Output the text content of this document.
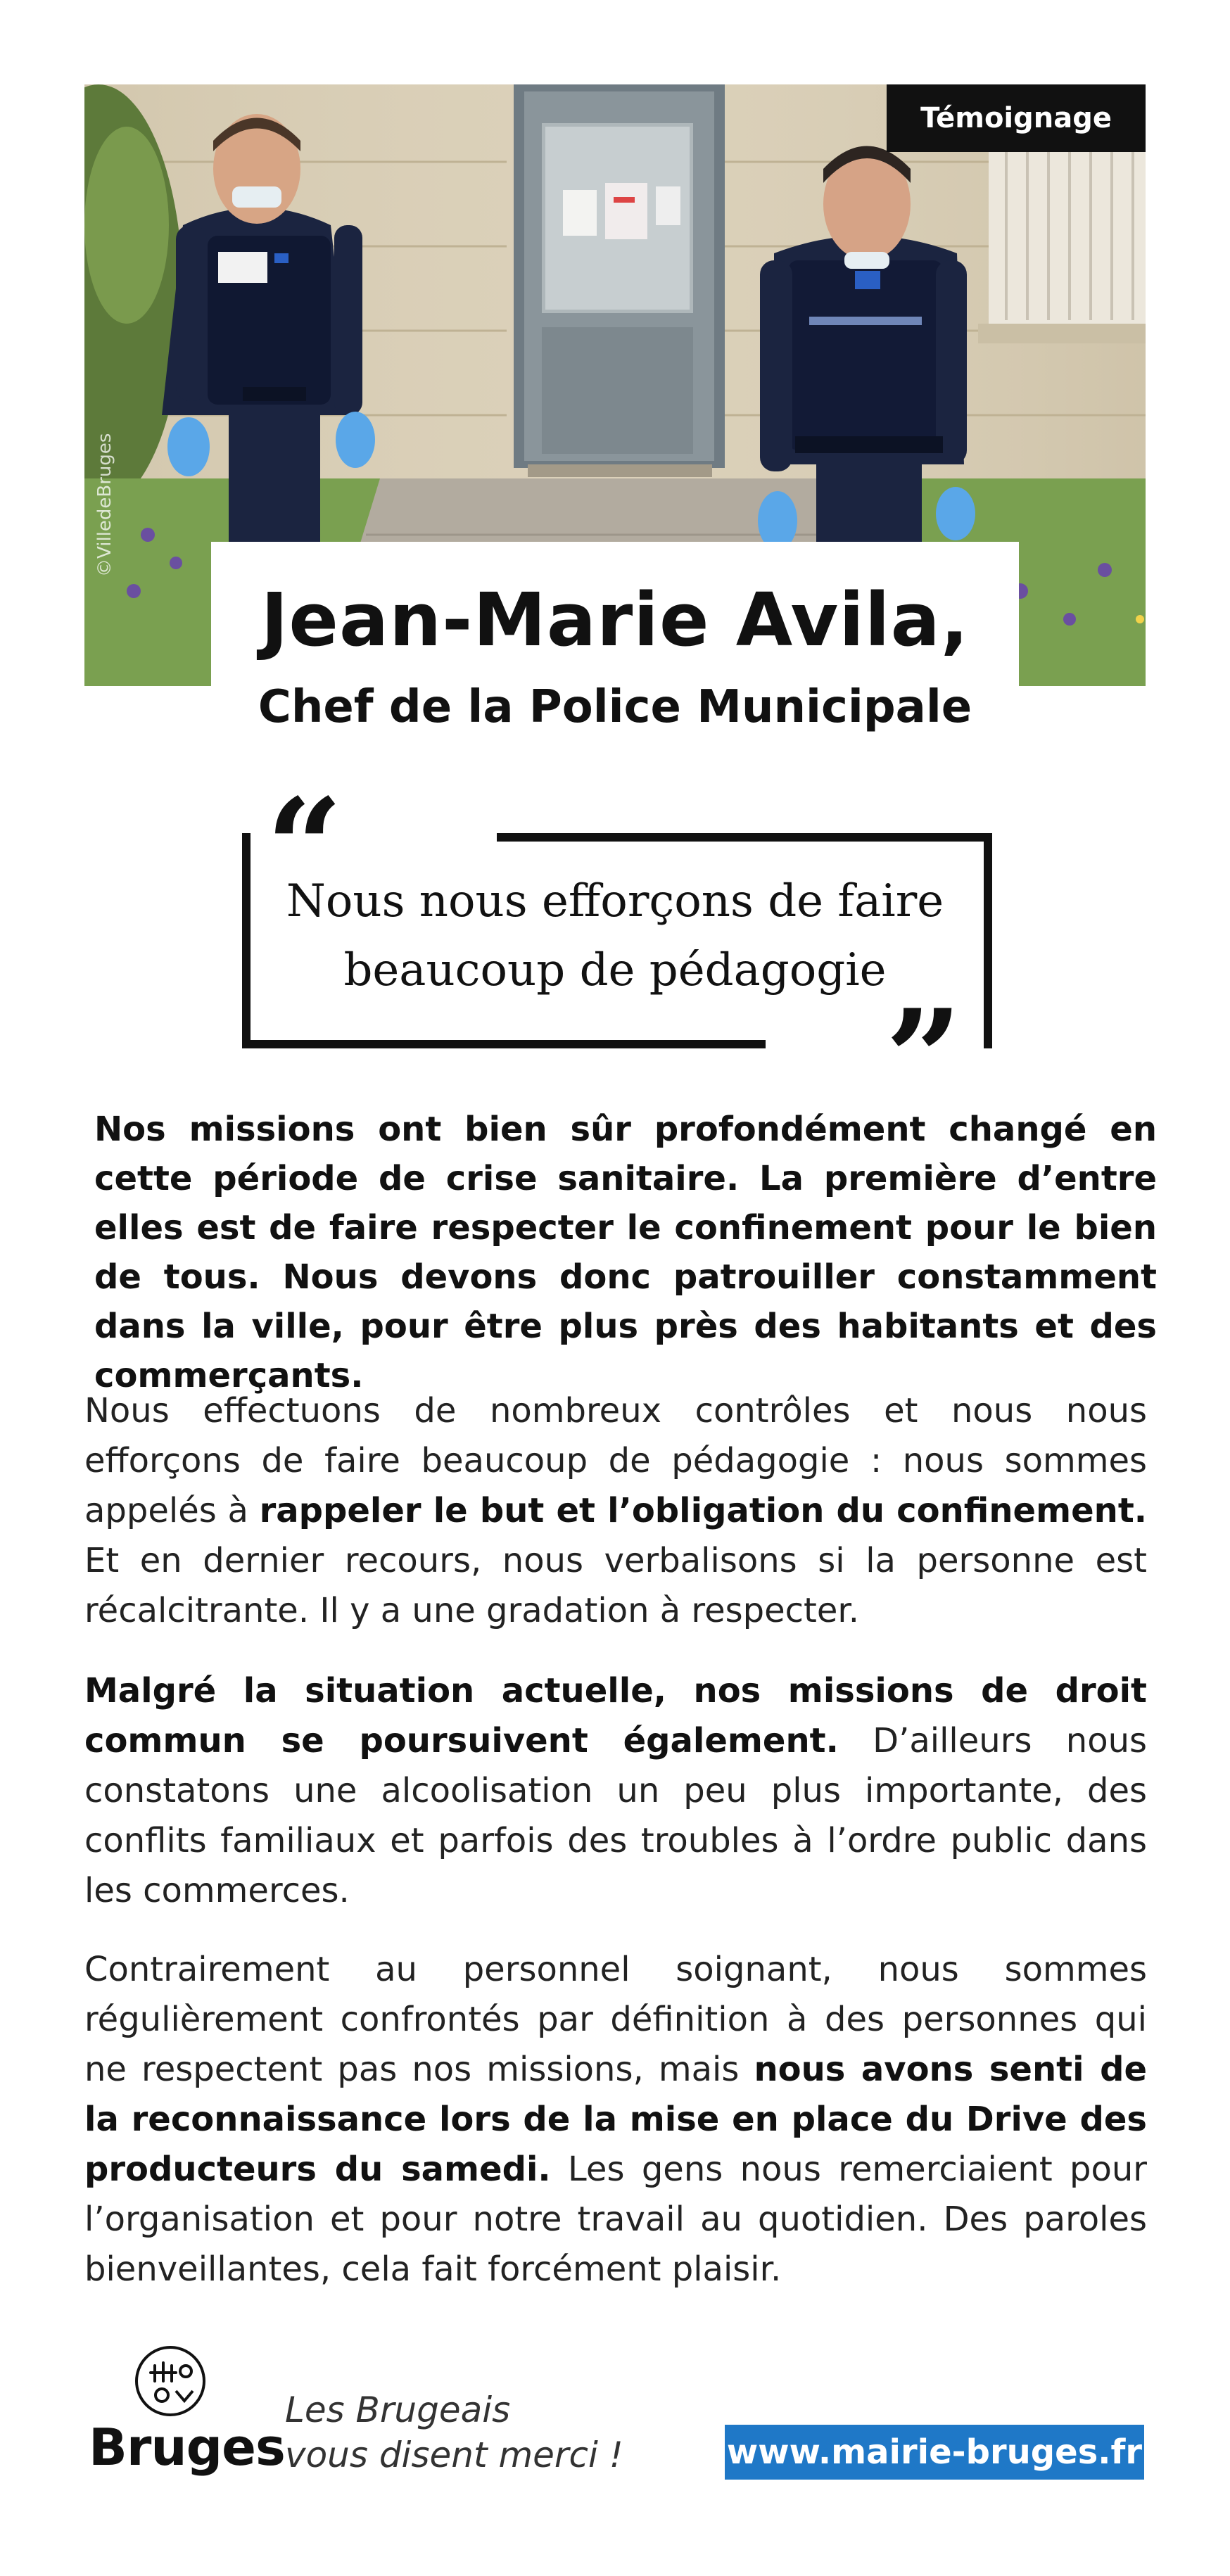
Témoignage
©VilledeBruges
Jean-Marie Avila,
Chef de la Police Municipale
“
”
Nous nous efforçons de faire
beaucoup de pédagogie

Nos missions ont bien sûr profondément changé en cette période de crise sanitaire. La première d’entre elles est de faire respecter le confinement pour le bien de tous. Nous devons donc patrouiller constamment dans la ville, pour être plus près des habitants et des commerçants.

Nous effectuons de nombreux contrôles et nous nous efforçons de faire beaucoup de pédagogie : nous sommes appelés à rappeler le but et l’obligation du confinement. Et en dernier recours, nous verbalisons si la personne est récalcitrante. Il y a une gradation à respecter.

Malgré la situation actuelle, nos missions de droit commun se poursuivent également. D’ailleurs nous constatons une alcoolisation un peu plus importante, des conflits familiaux et parfois des troubles à l’ordre public dans les commerces.

Contrairement au personnel soignant, nous sommes régulièrement confrontés par définition à des personnes qui ne respectent pas nos missions, mais nous avons senti de la reconnaissance lors de la mise en place du Drive des producteurs du samedi. Les gens nous remerciaient pour l’organisation et pour notre travail au quotidien. Des paroles bienveillantes, cela fait forcément plaisir.

Bruges
Les Brugeais
vous disent merci !	www.mairie-bruges.fr
